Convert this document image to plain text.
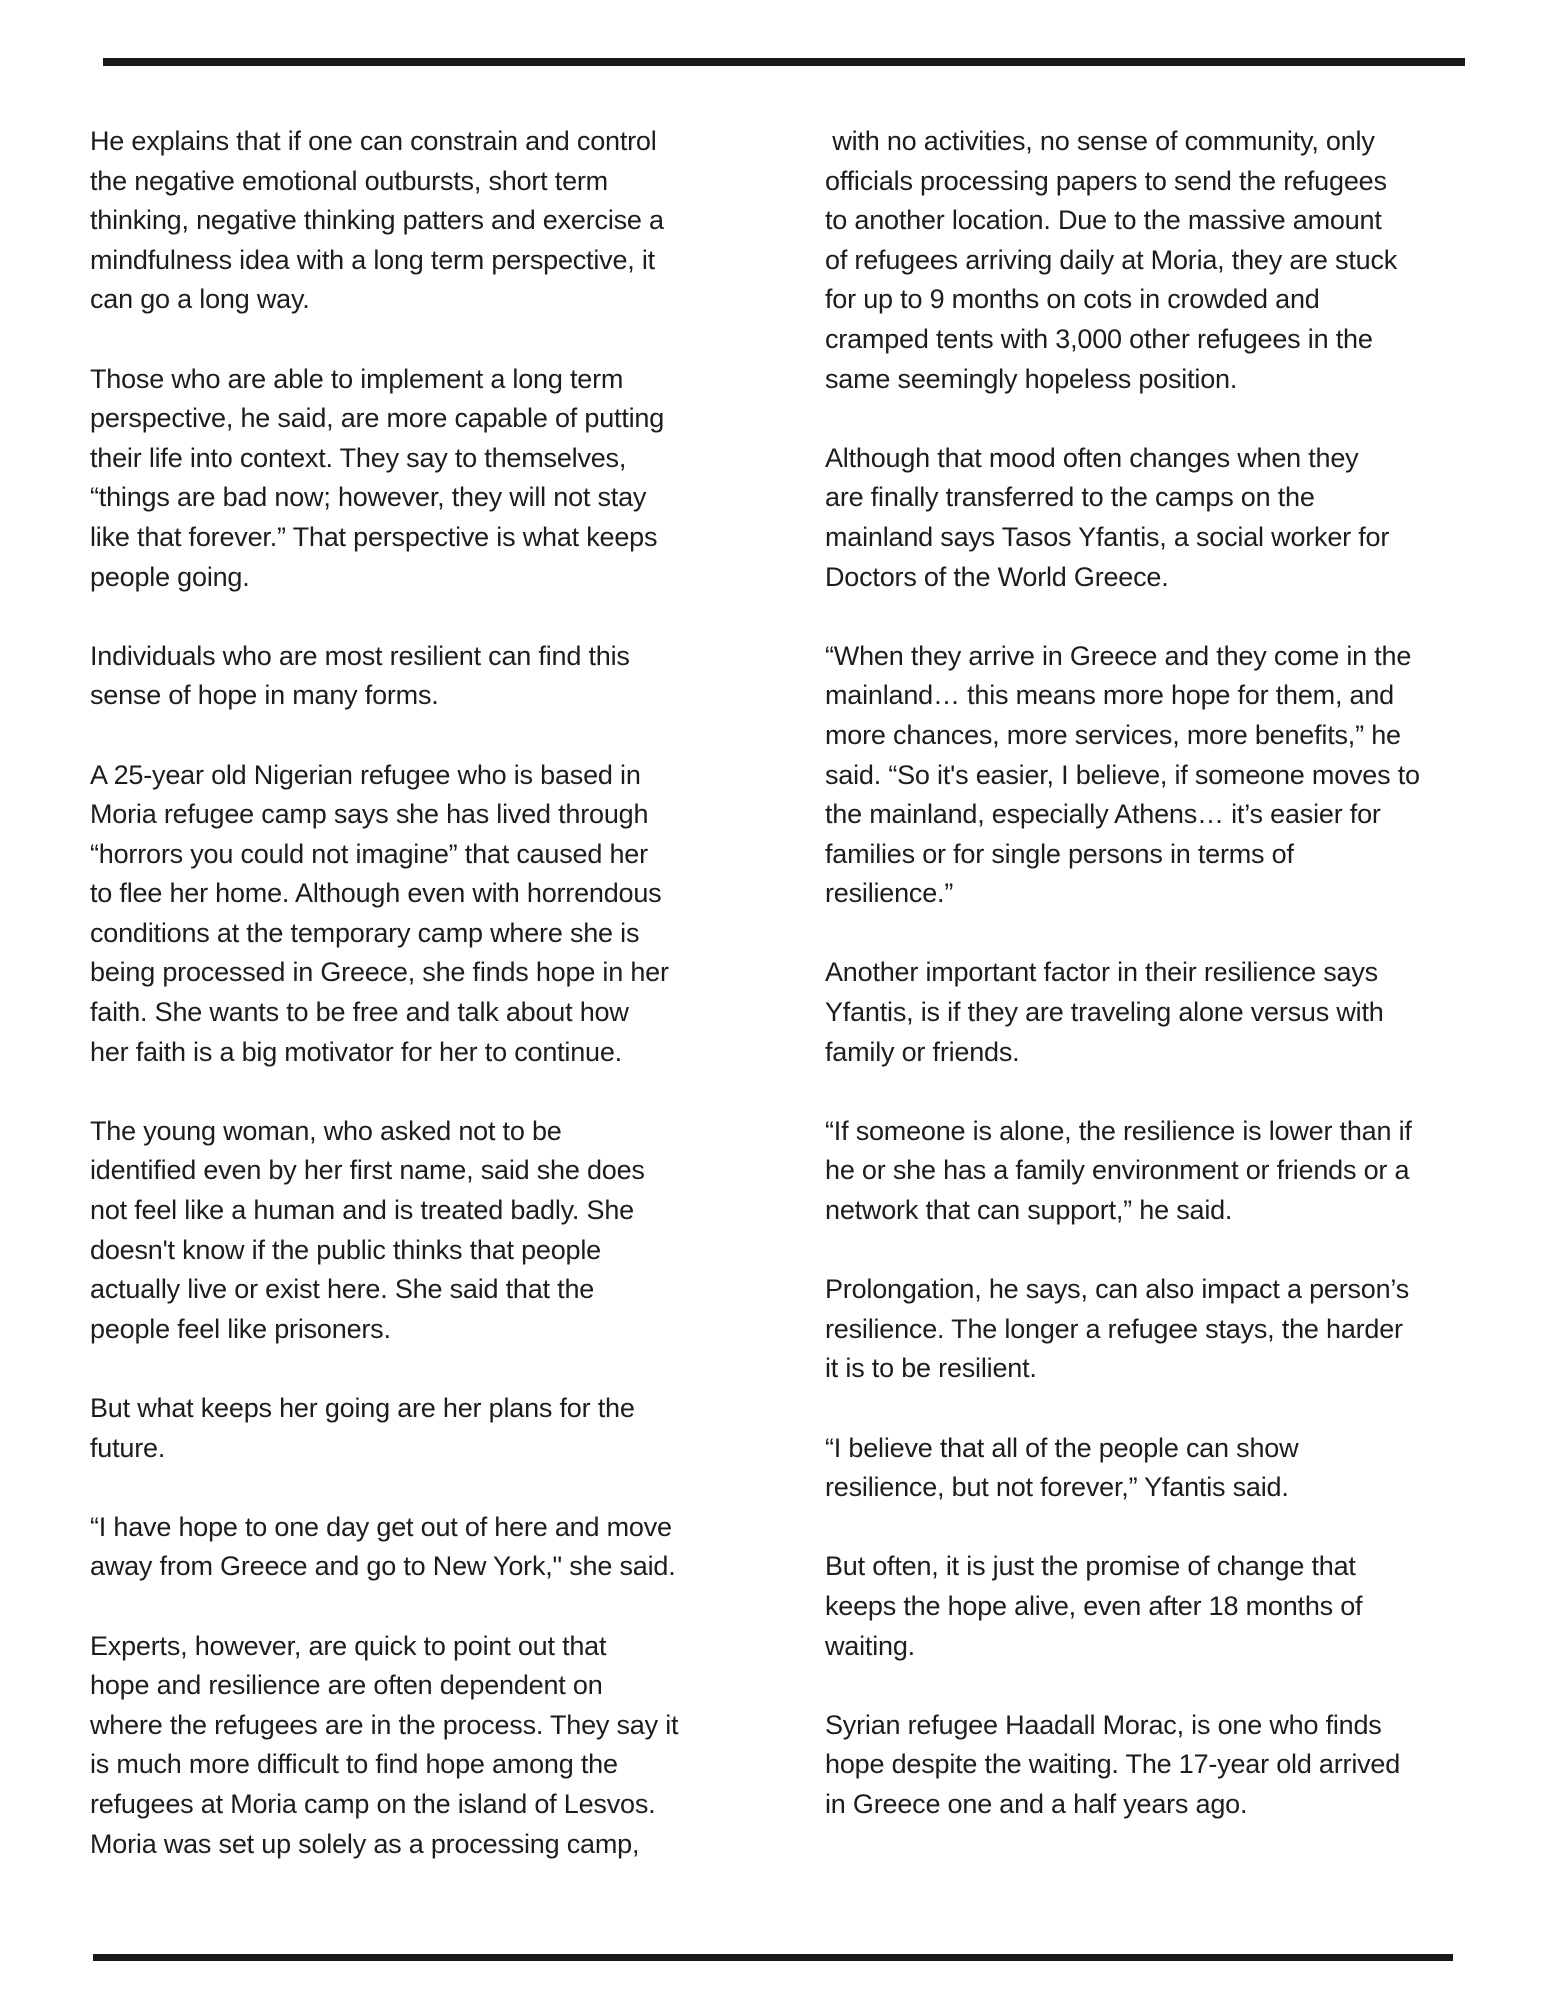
He explains that if one can constrain and control
the negative emotional outbursts, short term
thinking, negative thinking patters and exercise a
mindfulness idea with a long term perspective, it
can go a long way.
Those who are able to implement a long term
perspective, he said, are more capable of putting
their life into context. They say to themselves,
“things are bad now; however, they will not stay
like that forever.” That perspective is what keeps
people going.
Individuals who are most resilient can find this
sense of hope in many forms.
A 25-year old Nigerian refugee who is based in
Moria refugee camp says she has lived through
“horrors you could not imagine” that caused her
to flee her home. Although even with horrendous
conditions at the temporary camp where she is
being processed in Greece, she finds hope in her
faith. She wants to be free and talk about how
her faith is a big motivator for her to continue.
The young woman, who asked not to be
identified even by her first name, said she does
not feel like a human and is treated badly. She
doesn't know if the public thinks that people
actually live or exist here. She said that the
people feel like prisoners.
But what keeps her going are her plans for the
future.
“I have hope to one day get out of here and move
away from Greece and go to New York," she said.
Experts, however, are quick to point out that
hope and resilience are often dependent on
where the refugees are in the process. They say it
is much more difficult to find hope among the
refugees at Moria camp on the island of Lesvos.
Moria was set up solely as a processing camp,
with no activities, no sense of community, only
officials processing papers to send the refugees
to another location. Due to the massive amount
of refugees arriving daily at Moria, they are stuck
for up to 9 months on cots in crowded and
cramped tents with 3,000 other refugees in the
same seemingly hopeless position.
Although that mood often changes when they
are finally transferred to the camps on the
mainland says Tasos Yfantis, a social worker for
Doctors of the World Greece.
“When they arrive in Greece and they come in the
mainland… this means more hope for them, and
more chances, more services, more benefits,” he
said. “So it's easier, I believe, if someone moves to
the mainland, especially Athens… it’s easier for
families or for single persons in terms of
resilience.”
Another important factor in their resilience says
Yfantis, is if they are traveling alone versus with
family or friends.
“If someone is alone, the resilience is lower than if
he or she has a family environment or friends or a
network that can support,” he said.
Prolongation, he says, can also impact a person’s
resilience. The longer a refugee stays, the harder
it is to be resilient.
“I believe that all of the people can show
resilience, but not forever,” Yfantis said.
But often, it is just the promise of change that
keeps the hope alive, even after 18 months of
waiting.
Syrian refugee Haadall Morac, is one who finds
hope despite the waiting. The 17-year old arrived
in Greece one and a half years ago.
